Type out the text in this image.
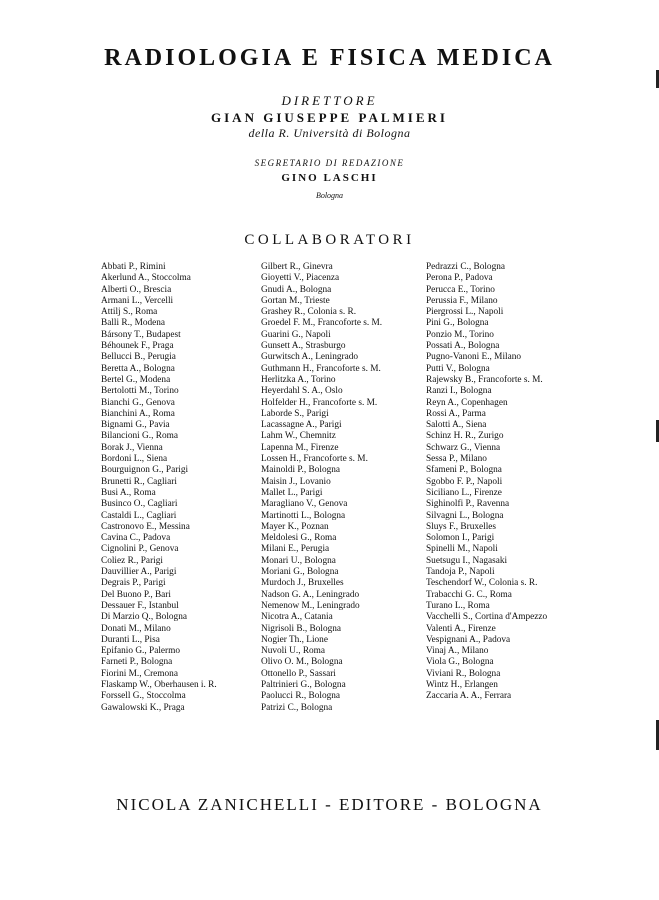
RADIOLOGIA E FISICA MEDICA
DIRETTORE
GIAN GIUSEPPE PALMIERI
della R. Università di Bologna
SEGRETARIO DI REDAZIONE
GINO LASCHI
Bologna
COLLABORATORI
Abbati P., Rimini
Akerlund A., Stoccolma
Alberti O., Brescia
Armani L., Vercelli
Attilj S., Roma
Balli R., Modena
Bársony T., Budapest
Béhounek F., Praga
Bellucci B., Perugia
Beretta A., Bologna
Bertel G., Modena
Bertolotti M., Torino
Bianchi G., Genova
Bianchini A., Roma
Bignami G., Pavia
Bilancioni G., Roma
Borak J., Vienna
Bordoni L., Siena
Bourguignon G., Parigi
Brunetti R., Cagliari
Busi A., Roma
Businco O., Cagliari
Castaldi L., Cagliari
Castronovo E., Messina
Cavina C., Padova
Cignolini P., Genova
Coliez R., Parigi
Dauvillier A., Parigi
Degrais P., Parigi
Del Buono P., Bari
Dessauer F., Istanbul
Di Marzio Q., Bologna
Donati M., Milano
Duranti L., Pisa
Epifanio G., Palermo
Farneti P., Bologna
Fiorini M., Cremona
Flaskamp W., Oberhausen i. R.
Forssell G., Stoccolma
Gawalowski K., Praga
Gilbert R., Ginevra
Gioyetti V., Piacenza
Gnudi A., Bologna
Gortan M., Trieste
Grashey R., Colonia s. R.
Groedel F. M., Francoforte s. M.
Guarini G., Napoli
Gunsett A., Strasburgo
Gurwitsch A., Leningrado
Guthmann H., Francoforte s. M.
Herlitzka A., Torino
Heyerdahl S. A., Oslo
Holfelder H., Francoforte s. M.
Laborde S., Parigi
Lacassagne A., Parigi
Lahm W., Chemnitz
Lapenna M., Firenze
Lossen H., Francoforte s. M.
Mainoldi P., Bologna
Maisin J., Lovanio
Mallet L., Parigi
Maragliano V., Genova
Martinotti L., Bologna
Mayer K., Poznan
Meldolesi G., Roma
Milani E., Perugia
Monari U., Bologna
Moriani G., Bologna
Murdoch J., Bruxelles
Nadson G. A., Leningrado
Nemenow M., Leningrado
Nicotra A., Catania
Nigrisoli B., Bologna
Nogier Th., Lione
Nuvoli U., Roma
Olivo O. M., Bologna
Ottonello P., Sassari
Paltrinieri G., Bologna
Paolucci R., Bologna
Patrizi C., Bologna
Pedrazzi C., Bologna
Perona P., Padova
Perucca E., Torino
Perussia F., Milano
Piergrossi L., Napoli
Pini G., Bologna
Ponzio M., Torino
Possati A., Bologna
Pugno-Vanoni E., Milano
Putti V., Bologna
Rajewsky B., Francoforte s. M.
Ranzi I., Bologna
Reyn A., Copenhagen
Rossi A., Parma
Salotti A., Siena
Schinz H. R., Zurigo
Schwarz G., Vienna
Sessa P., Milano
Sfameni P., Bologna
Sgobbo F. P., Napoli
Siciliano L., Firenze
Sighinolfi P., Ravenna
Silvagni L., Bologna
Sluys F., Bruxelles
Solomon I., Parigi
Spinelli M., Napoli
Suetsugu I., Nagasaki
Tandoja P., Napoli
Teschendorf W., Colonia s. R.
Trabacchi G. C., Roma
Turano L., Roma
Vacchelli S., Cortina d'Ampezzo
Valenti A., Firenze
Vespignani A., Padova
Vinaj A., Milano
Viola G., Bologna
Viviani R., Bologna
Wintz H., Erlangen
Zaccaria A. A., Ferrara
NICOLA ZANICHELLI - EDITORE - BOLOGNA
